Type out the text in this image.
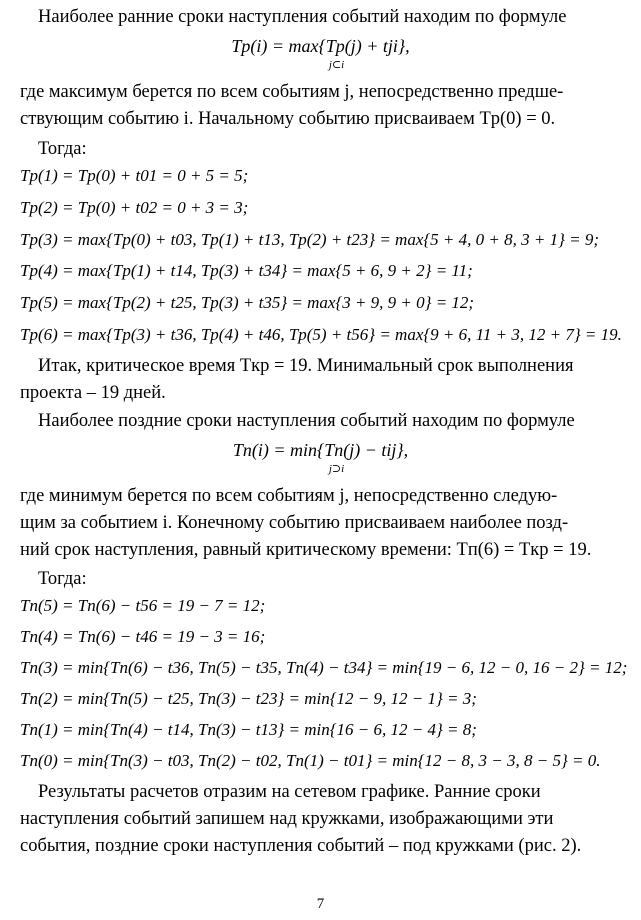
Наиболее ранние сроки наступления событий находим по формуле
Tр(i) = max{Tр(j) + tji},
j⊂i
где максимум берется по всем событиям j, непосредственно предше-
ствующим событию i. Начальному событию присваиваем Tр(0) = 0.
Тогда:
Tр(1) = Tр(0) + t01 = 0 + 5 = 5;
Tр(2) = Tр(0) + t02 = 0 + 3 = 3;
Tр(3) = max{Tр(0) + t03, Tр(1) + t13, Tр(2) + t23} = max{5 + 4, 0 + 8, 3 + 1} = 9;
Tр(4) = max{Tр(1) + t14, Tр(3) + t34} = max{5 + 6, 9 + 2} = 11;
Tр(5) = max{Tр(2) + t25, Tр(3) + t35} = max{3 + 9, 9 + 0} = 12;
Tр(6) = max{Tр(3) + t36, Tр(4) + t46, Tр(5) + t56} = max{9 + 6, 11 + 3, 12 + 7} = 19.
Итак, критическое время Tкр = 19. Минимальный срок выполнения
проекта – 19 дней.
Наиболее поздние сроки наступления событий находим по формуле
Tп(i) = min{Tп(j) − tij},
j⊃i
где минимум берется по всем событиям j, непосредственно следую-
щим за событием i. Конечному событию присваиваем наиболее позд-
ний срок наступления, равный критическому времени: Tп(6) = Tкр = 19.
Тогда:
Tп(5) = Tп(6) − t56 = 19 − 7 = 12;
Tп(4) = Tп(6) − t46 = 19 − 3 = 16;
Tп(3) = min{Tп(6) − t36, Tп(5) − t35, Tп(4) − t34} = min{19 − 6, 12 − 0, 16 − 2} = 12;
Tп(2) = min{Tп(5) − t25, Tп(3) − t23} = min{12 − 9, 12 − 1} = 3;
Tп(1) = min{Tп(4) − t14, Tп(3) − t13} = min{16 − 6, 12 − 4} = 8;
Tп(0) = min{Tп(3) − t03, Tп(2) − t02, Tп(1) − t01} = min{12 − 8, 3 − 3, 8 − 5} = 0.
Результаты расчетов отразим на сетевом графике. Ранние сроки
наступления событий запишем над кружками, изображающими эти
события, поздние сроки наступления событий – под кружками (рис. 2).
7
